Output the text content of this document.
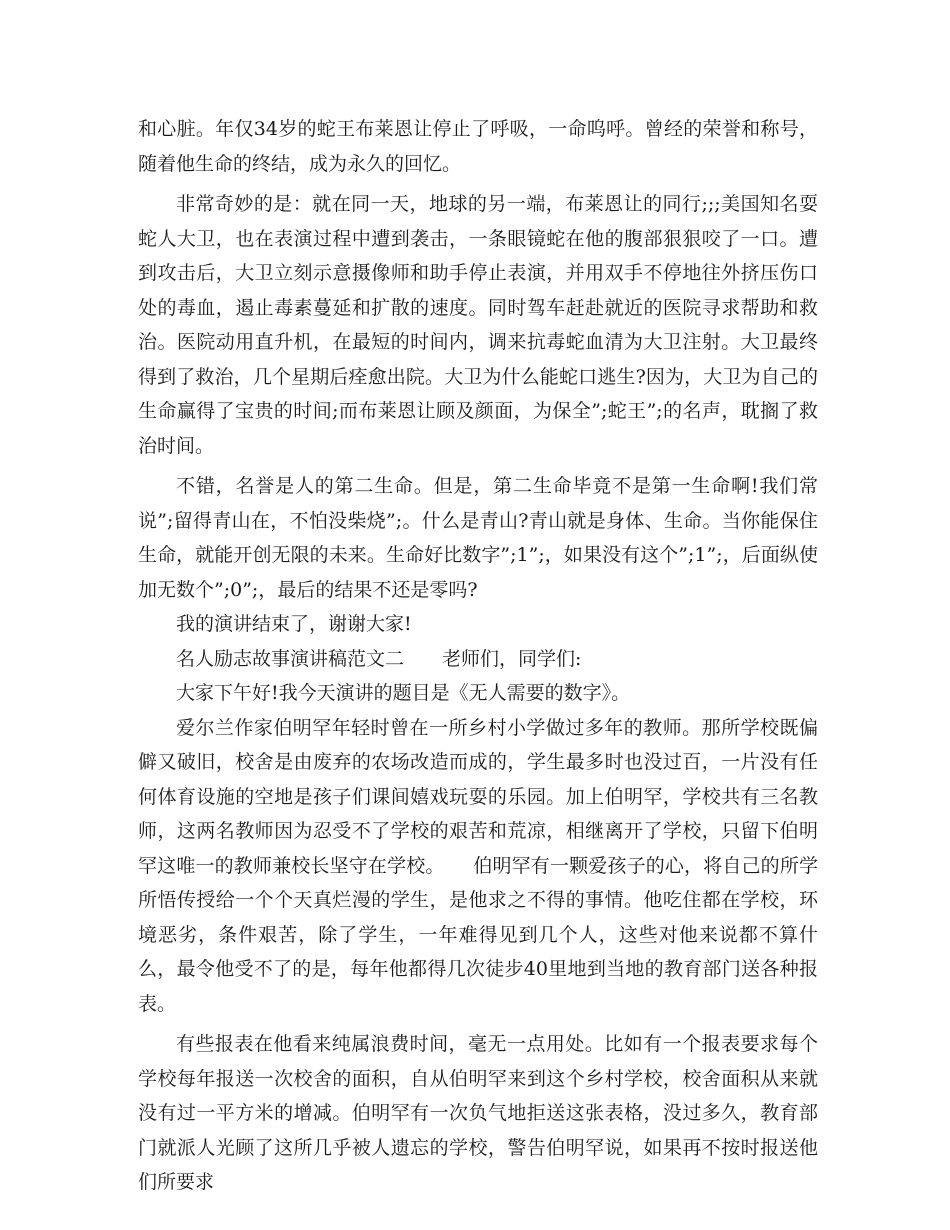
和心脏。年仅34岁的蛇王布莱恩让停止了呼吸，一命呜呼。曾经的荣誉和称号，随着他生命的终结，成为永久的回忆。

非常奇妙的是：就在同一天，地球的另一端，布莱恩让的同行;;;美国知名耍蛇人大卫，也在表演过程中遭到袭击，一条眼镜蛇在他的腹部狠狠咬了一口。遭到攻击后，大卫立刻示意摄像师和助手停止表演，并用双手不停地往外挤压伤口处的毒血，遏止毒素蔓延和扩散的速度。同时驾车赶赴就近的医院寻求帮助和救治。医院动用直升机，在最短的时间内，调来抗毒蛇血清为大卫注射。大卫最终得到了救治，几个星期后痊愈出院。大卫为什么能蛇口逃生?因为，大卫为自己的生命赢得了宝贵的时间;而布莱恩让顾及颜面，为保全”;蛇王”;的名声，耽搁了救治时间。

不错，名誉是人的第二生命。但是，第二生命毕竟不是第一生命啊!我们常说”;留得青山在，不怕没柴烧”;。什么是青山?青山就是身体、生命。当你能保住生命，就能开创无限的未来。生命好比数字”;1”;，如果没有这个”;1”;，后面纵使加无数个”;0”;，最后的结果不还是零吗?

我的演讲结束了，谢谢大家!

名人励志故事演讲稿范文二　　老师们，同学们:

大家下午好!我今天演讲的题目是《无人需要的数字》。

爱尔兰作家伯明罕年轻时曾在一所乡村小学做过多年的教师。那所学校既偏僻又破旧，校舍是由废弃的农场改造而成的，学生最多时也没过百，一片没有任何体育设施的空地是孩子们课间嬉戏玩耍的乐园。加上伯明罕，学校共有三名教师，这两名教师因为忍受不了学校的艰苦和荒凉，相继离开了学校，只留下伯明罕这唯一的教师兼校长坚守在学校。　　伯明罕有一颗爱孩子的心，将自己的所学所悟传授给一个个天真烂漫的学生，是他求之不得的事情。他吃住都在学校，环境恶劣，条件艰苦，除了学生，一年难得见到几个人，这些对他来说都不算什么，最令他受不了的是，每年他都得几次徒步40里地到当地的教育部门送各种报表。

有些报表在他看来纯属浪费时间，毫无一点用处。比如有一个报表要求每个学校每年报送一次校舍的面积，自从伯明罕来到这个乡村学校，校舍面积从来就没有过一平方米的增减。伯明罕有一次负气地拒送这张表格，没过多久，教育部门就派人光顾了这所几乎被人遗忘的学校，警告伯明罕说，如果再不按时报送他们所要求
